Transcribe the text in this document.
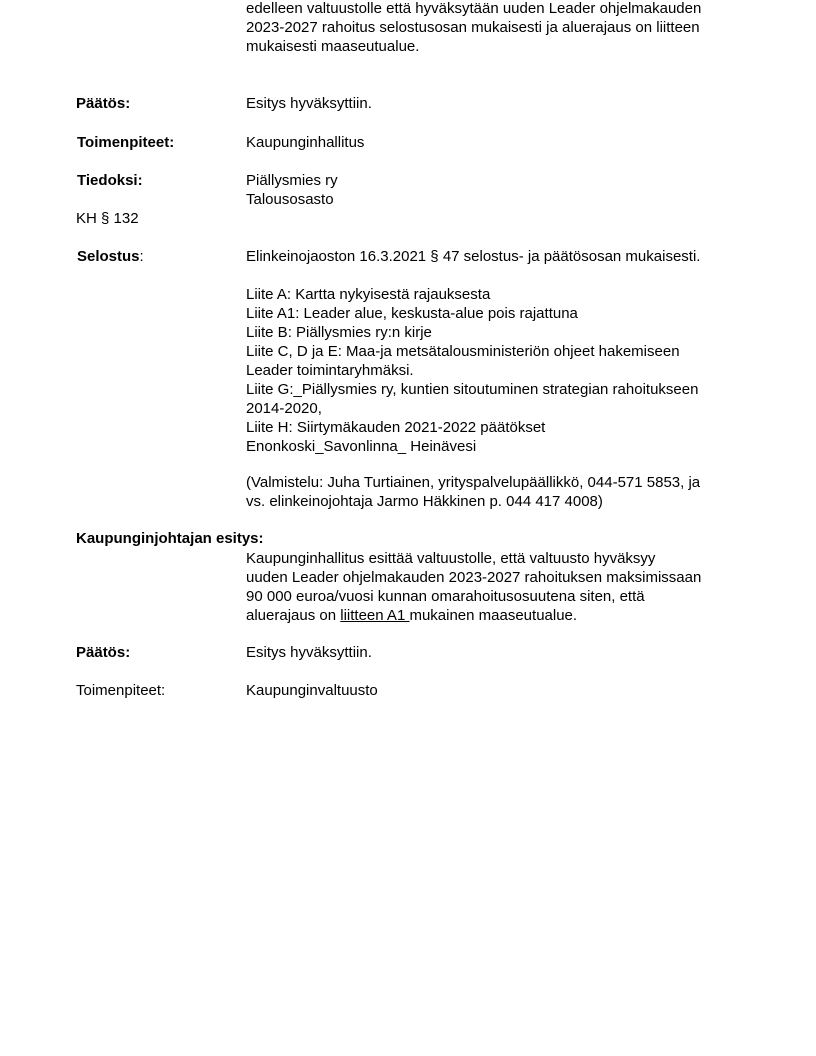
edelleen valtuustolle että hyväksytään uuden Leader ohjelmakauden
2023-2027 rahoitus selostusosan mukaisesti ja aluerajaus on liitteen
mukaisesti maaseutualue.
Päätös:	Esitys hyväksyttiin.
Toimenpiteet:	Kaupunginhallitus
Tiedoksi:	Piällysmies ry
Talousosasto
KH § 132
Selostus:	Elinkeinojaoston 16.3.2021 § 47 selostus- ja päätösosan mukaisesti.
Liite A: Kartta nykyisestä rajauksesta
Liite A1: Leader alue, keskusta-alue pois rajattuna
Liite B: Piällysmies ry:n kirje
Liite C, D ja E: Maa-ja metsätalousministeriön ohjeet hakemiseen
Leader toimintaryhmäksi.
Liite G:_Piällysmies ry, kuntien sitoutuminen strategian rahoitukseen
2014-2020,
Liite H: Siirtymäkauden 2021-2022 päätökset
Enonkoski_Savonlinna_ Heinävesi
(Valmistelu: Juha Turtiainen, yrityspalvelupäällikkö, 044-571 5853, ja
vs. elinkeinojohtaja Jarmo Häkkinen p. 044 417 4008)
Kaupunginjohtajan esitys:
Kaupunginhallitus esittää valtuustolle, että valtuusto hyväksyy
uuden Leader ohjelmakauden 2023-2027 rahoituksen maksimissaan
90 000 euroa/vuosi kunnan omarahoitusosuutena siten, että
aluerajaus on liitteen A1 mukainen maaseutualue.
Päätös:	Esitys hyväksyttiin.
Toimenpiteet:	Kaupunginvaltuusto
